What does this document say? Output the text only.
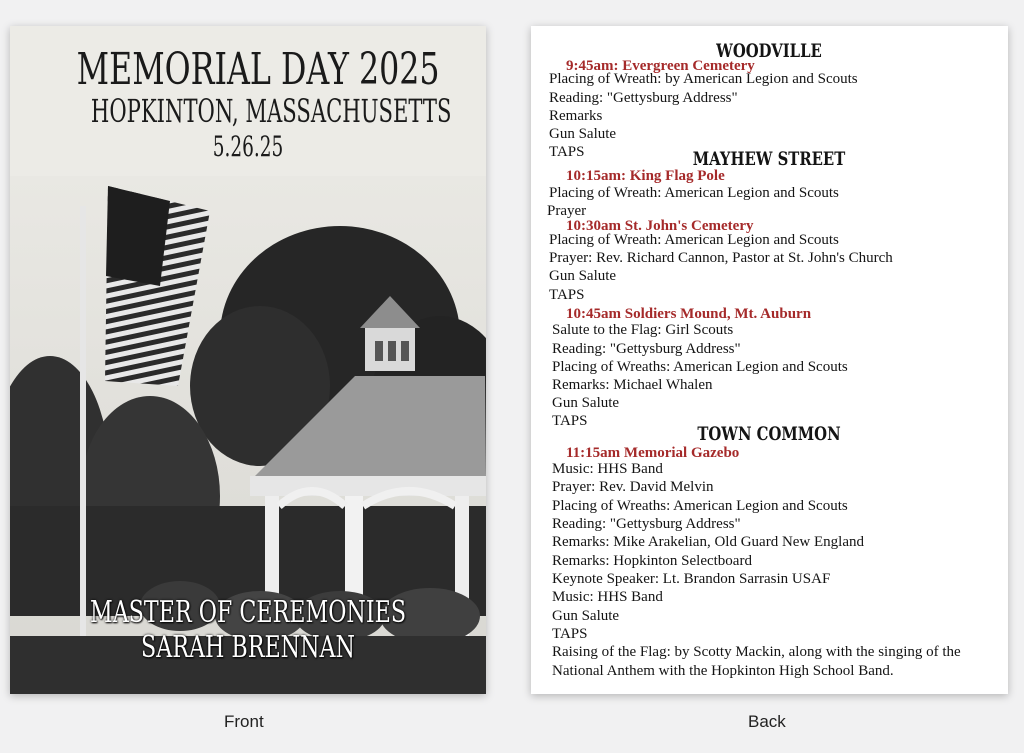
MEMORIAL DAY 2025
HOPKINTON, MASSACHUSETTS
5.26.25
MASTER OF CEREMONIES
SARAH BRENNAN
WOODVILLE
9:45am: Evergreen Cemetery
Placing of Wreath: by American Legion and Scouts
Reading: "Gettysburg Address"
Remarks
Gun Salute
TAPS	MAYHEW STREET
10:15am: King Flag Pole
Placing of Wreath: American Legion and Scouts
Prayer
10:30am St. John's Cemetery
Placing of Wreath: American Legion and Scouts
Prayer: Rev. Richard Cannon, Pastor at St. John's Church
Gun Salute
TAPS
10:45am Soldiers Mound, Mt. Auburn
Salute to the Flag: Girl Scouts
Reading: "Gettysburg Address"
Placing of Wreaths: American Legion and Scouts
Remarks: Michael Whalen
Gun Salute
TAPS
TOWN COMMON
11:15am Memorial Gazebo
Music: HHS Band
Prayer: Rev. David Melvin
Placing of Wreaths: American Legion and Scouts
Reading: "Gettysburg Address"
Remarks: Mike Arakelian, Old Guard New England
Remarks: Hopkinton Selectboard
Keynote Speaker: Lt. Brandon Sarrasin USAF
Music: HHS Band
Gun Salute
TAPS
Raising of the Flag: by Scotty Mackin, along with the singing of the
National Anthem with the Hopkinton High School Band.
Front	Back
